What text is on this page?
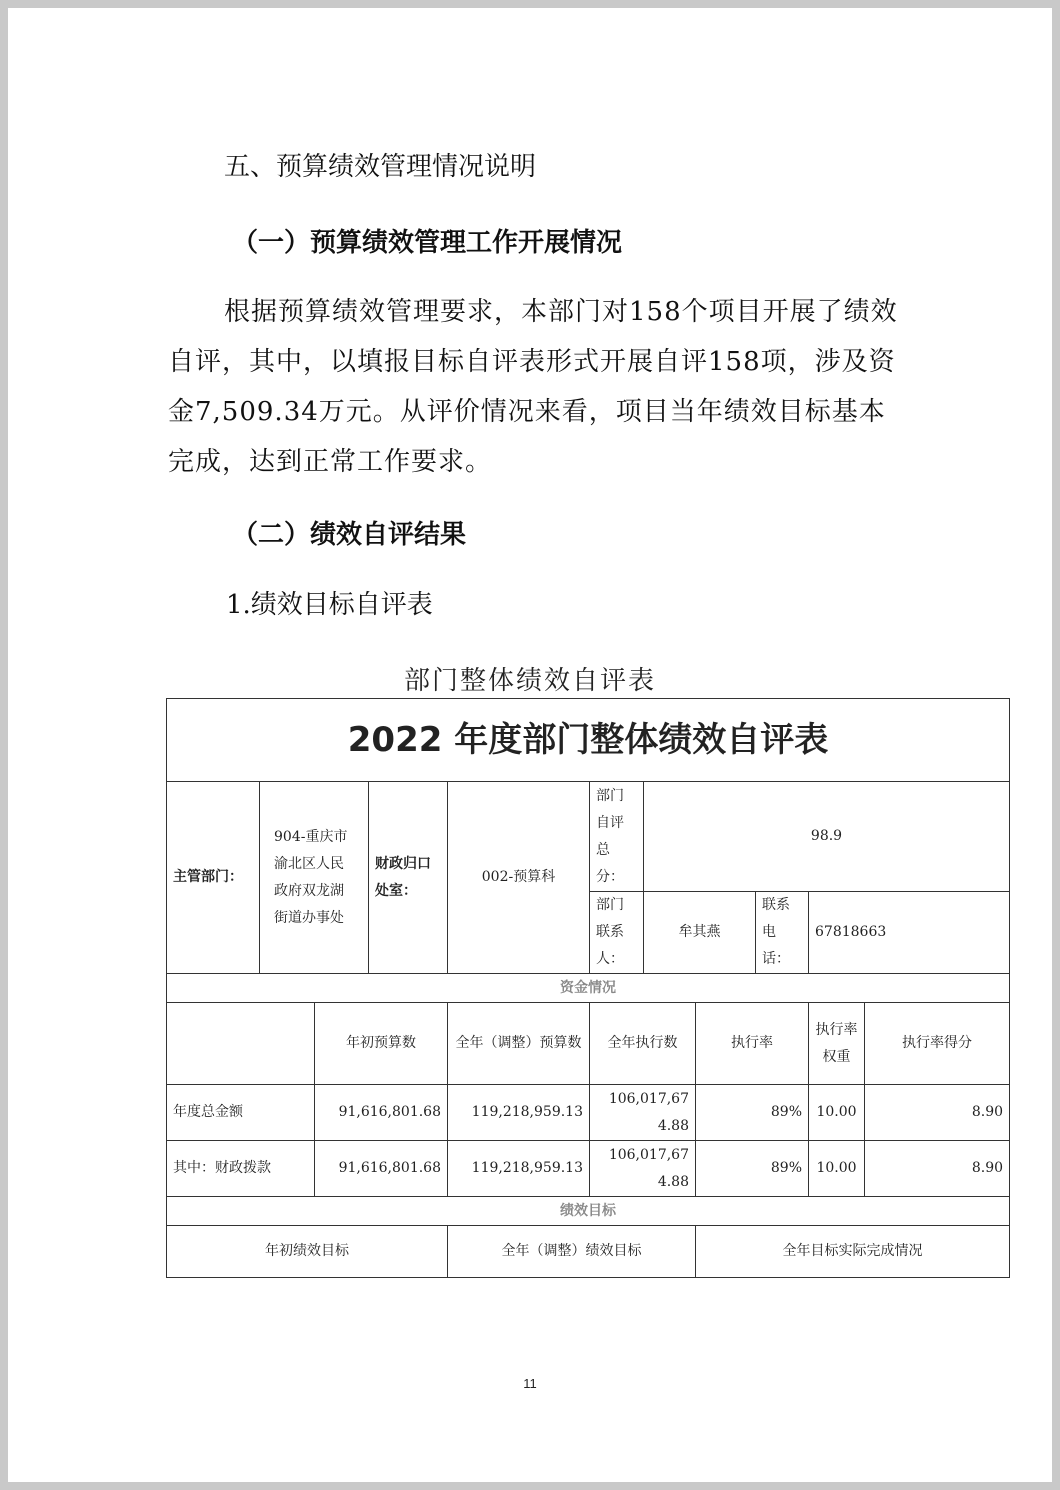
五、预算绩效管理情况说明
（一）预算绩效管理工作开展情况
根据预算绩效管理要求，本部门对158个项目开展了绩效自评，其中，以填报目标自评表形式开展自评158项，涉及资金7,509.34万元。从评价情况来看，项目当年绩效目标基本完成，达到正常工作要求。
（二）绩效自评结果
1.绩效目标自评表
部门整体绩效自评表
2022 年度部门整体绩效自评表										
主管部门：	904-重庆市渝北区人民政府双龙湖街道办事处		财政归口处室：	002-预算科	部门自评总分：	98.9				
					部门联系人：	牟其燕		联系电话：	67818663	
资金情况										
		年初预算数		全年（调整）预算数	全年执行数		执行率		执行率权重	执行率得分
年度总金额		91,616,801.68		119,218,959.13	106,017,674.88		89%		10.00	8.90
其中：财政拨款		91,616,801.68		119,218,959.13	106,017,674.88		89%		10.00	8.90
绩效目标										
年初绩效目标				全年（调整）绩效目标			全年目标实际完成情况			
11
